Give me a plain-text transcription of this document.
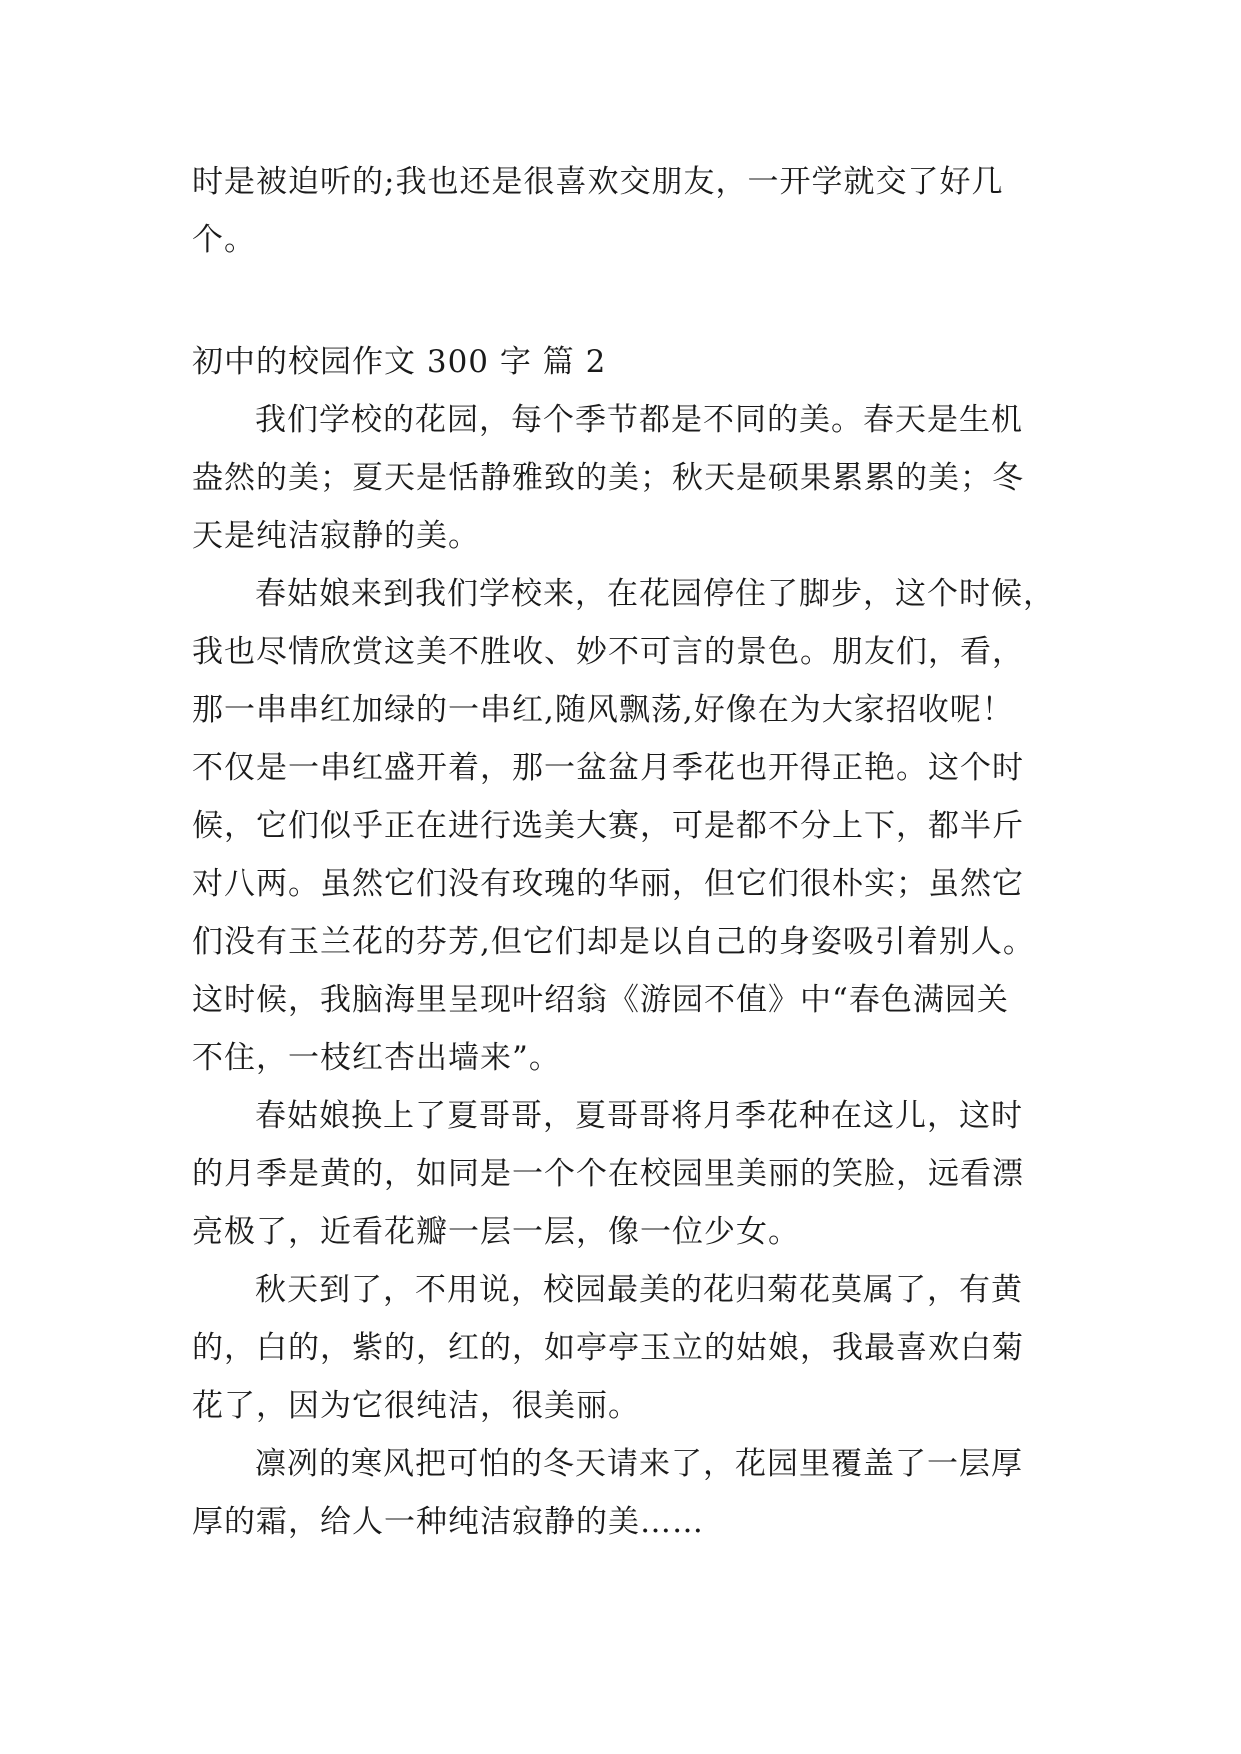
时是被迫听的;我也还是很喜欢交朋友，一开学就交了好几
个。
初中的校园作文 300 字 篇 2
我们学校的花园，每个季节都是不同的美。春天是生机
盎然的美；夏天是恬静雅致的美；秋天是硕果累累的美；冬
天是纯洁寂静的美。
春姑娘来到我们学校来，在花园停住了脚步，这个时候，
我也尽情欣赏这美不胜收、妙不可言的景色。朋友们，看，
那一串串红加绿的一串红,随风飘荡,好像在为大家招收呢！
不仅是一串红盛开着，那一盆盆月季花也开得正艳。这个时
候，它们似乎正在进行选美大赛，可是都不分上下，都半斤
对八两。虽然它们没有玫瑰的华丽，但它们很朴实；虽然它
们没有玉兰花的芬芳,但它们却是以自己的身姿吸引着别人。
这时候，我脑海里呈现叶绍翁《游园不值》中“春色满园关
不住，一枝红杏出墙来”。
春姑娘换上了夏哥哥，夏哥哥将月季花种在这儿，这时
的月季是黄的，如同是一个个在校园里美丽的笑脸，远看漂
亮极了，近看花瓣一层一层，像一位少女。
秋天到了，不用说，校园最美的花归菊花莫属了，有黄
的，白的，紫的，红的，如亭亭玉立的姑娘，我最喜欢白菊
花了，因为它很纯洁，很美丽。
凛冽的寒风把可怕的冬天请来了，花园里覆盖了一层厚
厚的霜，给人一种纯洁寂静的美……
